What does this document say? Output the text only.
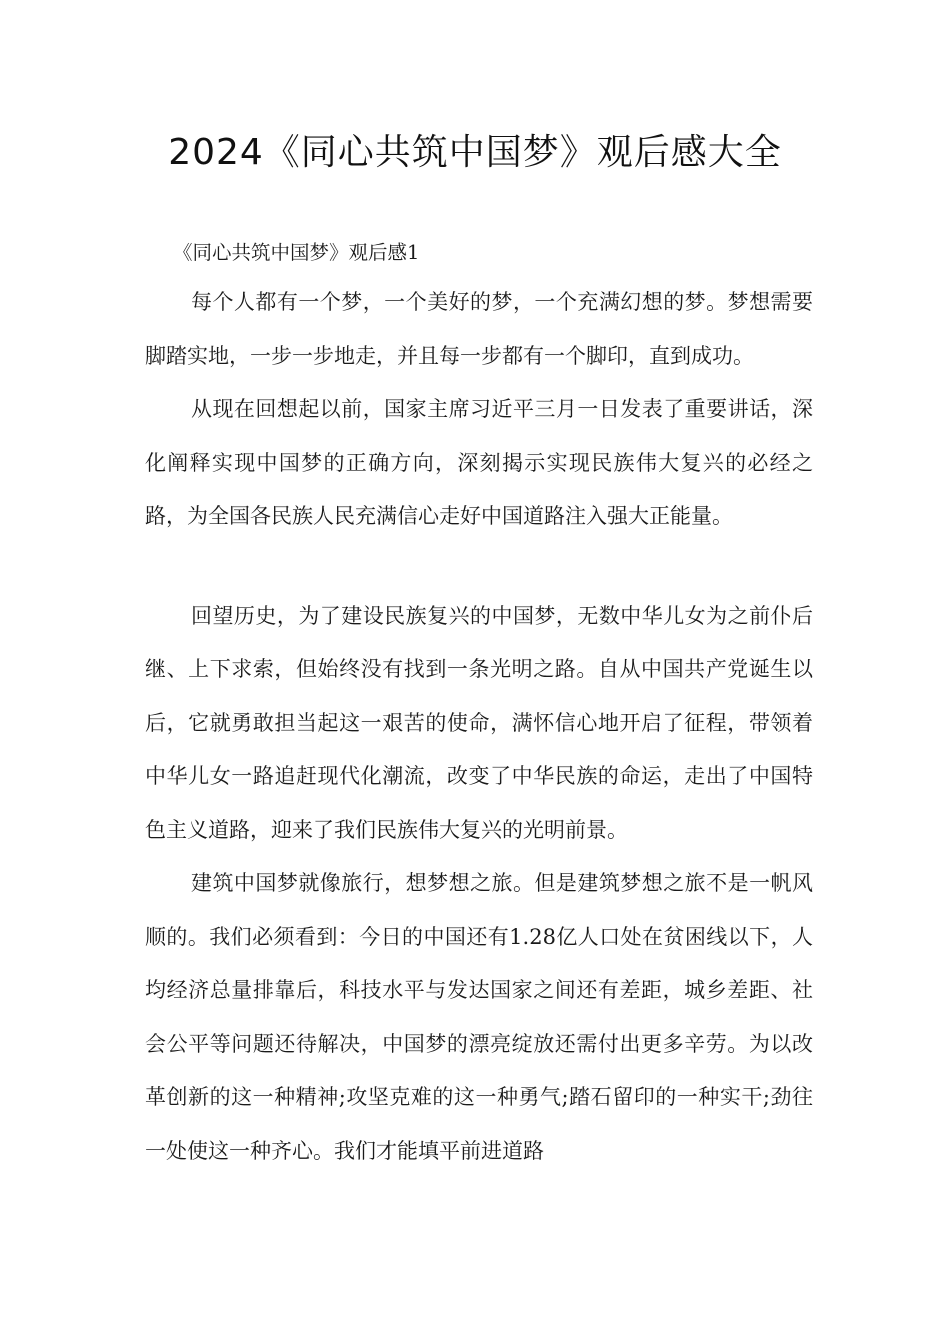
2024《同心共筑中国梦》观后感大全
《同心共筑中国梦》观后感1

每个人都有一个梦，一个美好的梦，一个充满幻想的梦。梦想需要脚踏实地，一步一步地走，并且每一步都有一个脚印，直到成功。

从现在回想起以前，国家主席习近平三月一日发表了重要讲话，深化阐释实现中国梦的正确方向，深刻揭示实现民族伟大复兴的必经之路，为全国各民族人民充满信心走好中国道路注入强大正能量。

回望历史，为了建设民族复兴的中国梦，无数中华儿女为之前仆后继、上下求索，但始终没有找到一条光明之路。自从中国共产党诞生以后，它就勇敢担当起这一艰苦的使命，满怀信心地开启了征程，带领着中华儿女一路追赶现代化潮流，改变了中华民族的命运，走出了中国特色主义道路，迎来了我们民族伟大复兴的光明前景。

建筑中国梦就像旅行，想梦想之旅。但是建筑梦想之旅不是一帆风顺的。我们必须看到：今日的中国还有1.28亿人口处在贫困线以下，人均经济总量排靠后，科技水平与发达国家之间还有差距，城乡差距、社会公平等问题还待解决，中国梦的漂亮绽放还需付出更多辛劳。为以改革创新的这一种精神;攻坚克难的这一种勇气;踏石留印的一种实干;劲往一处使这一种齐心。我们才能填平前进道路
